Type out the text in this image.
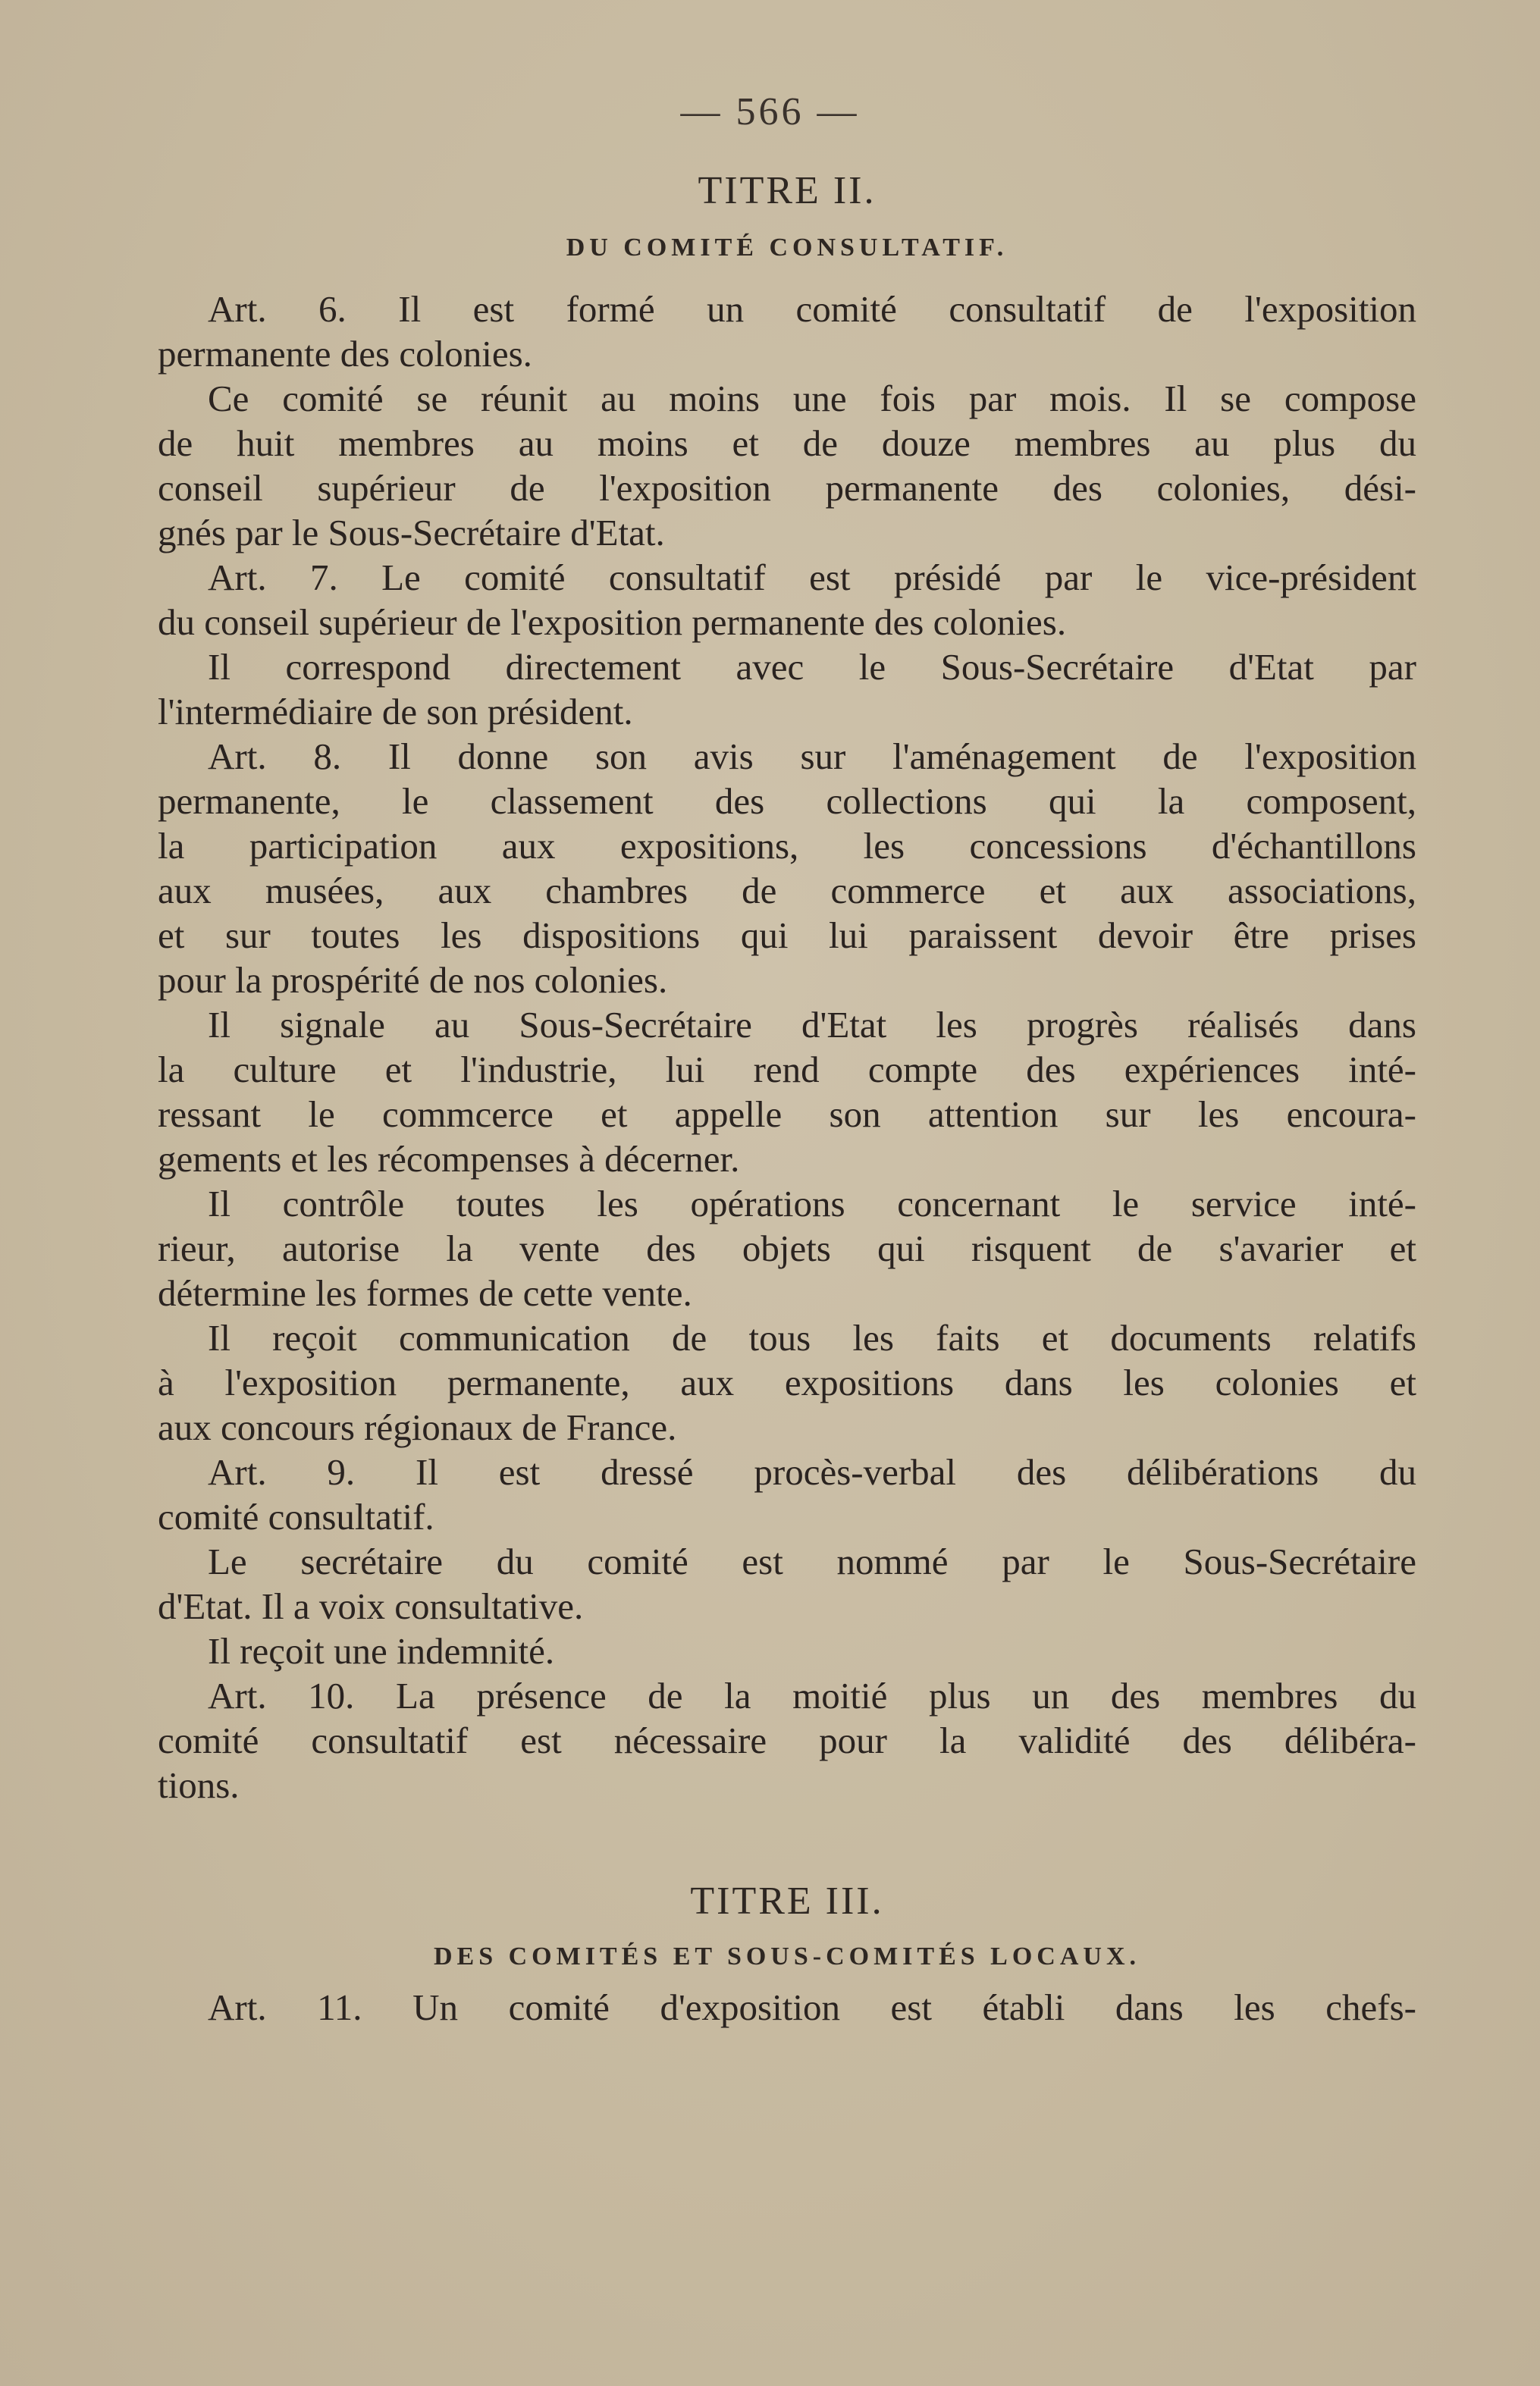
— 566 —
TITRE II.
DU COMITÉ CONSULTATIF.

Art. 6. Il est formé un comité consultatif de l'exposition
permanente des colonies.

Ce comité se réunit au moins une fois par mois. Il se compose
de huit membres au moins et de douze membres au plus du
conseil supérieur de l'exposition permanente des colonies, dési-
gnés par le Sous-Secrétaire d'Etat.

Art. 7. Le comité consultatif est présidé par le vice-président
du conseil supérieur de l'exposition permanente des colonies.

Il correspond directement avec le Sous-Secrétaire d'Etat par
l'intermédiaire de son président.

Art. 8. Il donne son avis sur l'aménagement de l'exposition
permanente, le classement des collections qui la composent,
la participation aux expositions, les concessions d'échantillons
aux musées, aux chambres de commerce et aux associations,
et sur toutes les dispositions qui lui paraissent devoir être prises
pour la prospérité de nos colonies.

Il signale au Sous-Secrétaire d'Etat les progrès réalisés dans
la culture et l'industrie, lui rend compte des expériences inté-
ressant le commcerce et appelle son attention sur les encoura-
gements et les récompenses à décerner.

Il contrôle toutes les opérations concernant le service inté-
rieur, autorise la vente des objets qui risquent de s'avarier et
détermine les formes de cette vente.

Il reçoit communication de tous les faits et documents relatifs
à l'exposition permanente, aux expositions dans les colonies et
aux concours régionaux de France.

Art. 9. Il est dressé procès-verbal des délibérations du
comité consultatif.

Le secrétaire du comité est nommé par le Sous-Secrétaire
d'Etat. Il a voix consultative.

Il reçoit une indemnité.

Art. 10. La présence de la moitié plus un des membres du
comité consultatif est nécessaire pour la validité des délibéra-
tions.

TITRE III.
DES COMITÉS ET SOUS-COMITÉS LOCAUX.

Art. 11. Un comité d'exposition est établi dans les chefs-
